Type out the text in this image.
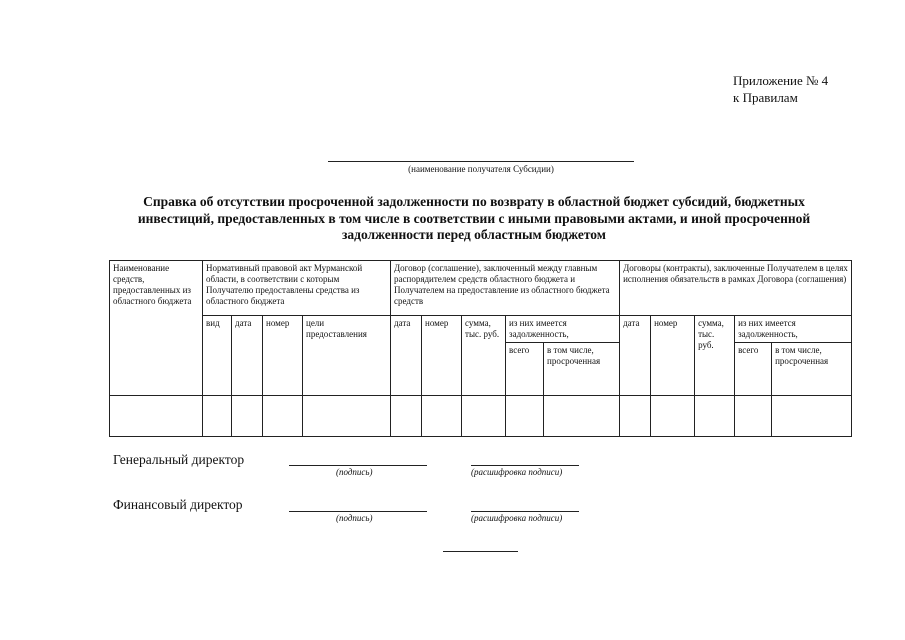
Приложение № 4
к Правилам
(наименование получателя Субсидии)
Справка об отсутствии просроченной задолженности по возврату в областной бюджет субсидий, бюджетных инвестиций, предоставленных в том числе в соответствии с иными правовыми актами, и иной просроченной задолженности перед областным бюджетом
Наименование средств, предоставленных из областного бюджета	Нормативный правовой акт Мурманской области, в соответствии с которым Получателю предоставлены средства из областного бюджета				Договор (соглашение), заключенный между главным распорядителем средств областного бюджета и Получателем на предоставление из областного бюджета средств					Договоры (контракты), заключенные Получателем в целях исполнения обязательств в рамках Договора (соглашения)				
	вид	дата	номер	цели предоставления	дата	номер	сумма, тыс. руб.	из них имеется задолженность,		дата	номер	сумма, тыс. руб.	из них имеется задолженность,	
								всего	в том числе, просроченная				всего	в том числе, просроченная

Генеральный директор
(подпись)	(расшифровка подписи)
Финансовый директор
(подпись)	(расшифровка подписи)
